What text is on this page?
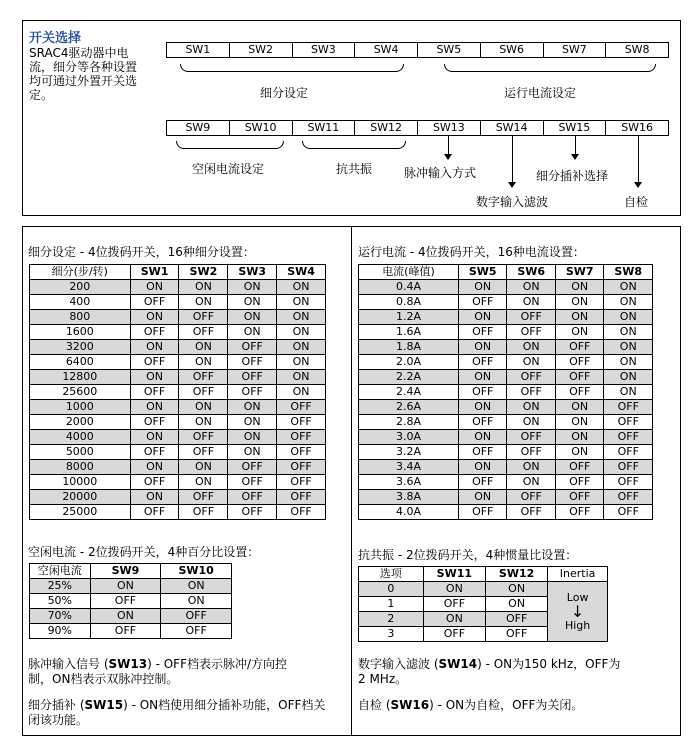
开关选择
SRAC4驱动器中电
流，细分等各种设置
均可通过外置开关选
定。
SW1	SW2	SW3	SW4	SW5	SW6	SW7	SW8
细分设定	运行电流设定
SW9	SW10	SW11	SW12	SW13	SW14	SW15	SW16
空闲电流设定	抗共振	脉冲输入方式
数字输入滤波
细分插补选择
自检
细分设定 - 4位拨码开关，16种细分设置：
细分(步/转)	SW1	SW2	SW3	SW4
200	ON	ON	ON	ON
400	OFF	ON	ON	ON
800	ON	OFF	ON	ON
1600	OFF	OFF	ON	ON
3200	ON	ON	OFF	ON
6400	OFF	ON	OFF	ON
12800	ON	OFF	OFF	ON
25600	OFF	OFF	OFF	ON
1000	ON	ON	ON	OFF
2000	OFF	ON	ON	OFF
4000	ON	OFF	ON	OFF
5000	OFF	OFF	ON	OFF
8000	ON	ON	OFF	OFF
10000	OFF	ON	OFF	OFF
20000	ON	OFF	OFF	OFF
25000	OFF	OFF	OFF	OFF
运行电流 - 4位拨码开关，16种电流设置：
电流(峰值)	SW5	SW6	SW7	SW8
0.4A	ON	ON	ON	ON
0.8A	OFF	ON	ON	ON
1.2A	ON	OFF	ON	ON
1.6A	OFF	OFF	ON	ON
1.8A	ON	ON	OFF	ON
2.0A	OFF	ON	OFF	ON
2.2A	ON	OFF	OFF	ON
2.4A	OFF	OFF	OFF	ON
2.6A	ON	ON	ON	OFF
2.8A	OFF	ON	ON	OFF
3.0A	ON	OFF	ON	OFF
3.2A	OFF	OFF	ON	OFF
3.4A	ON	ON	OFF	OFF
3.6A	OFF	ON	OFF	OFF
3.8A	ON	OFF	OFF	OFF
4.0A	OFF	OFF	OFF	OFF
空闲电流 - 2位拨码开关，4种百分比设置：
空闲电流	SW9	SW10
25%	ON	ON
50%	OFF	ON
70%	ON	OFF
90%	OFF	OFF
抗共振 - 2位拨码开关，4种惯量比设置：
选项	SW11	SW12	Inertia
0	ON	ON	Low
↓
High

1	OFF	ON	
2	ON	OFF	
3	OFF	OFF	
脉冲输入信号 (SW13) - OFF档表示脉冲/方向控
制，ON档表示双脉冲控制。
细分插补 (SW15) - ON档使用细分插补功能，OFF档关
闭该功能。
数字输入滤波 (SW14) - ON为150 kHz，OFF为
2 MHz。
自检 (SW16) - ON为自检，OFF为关闭。
